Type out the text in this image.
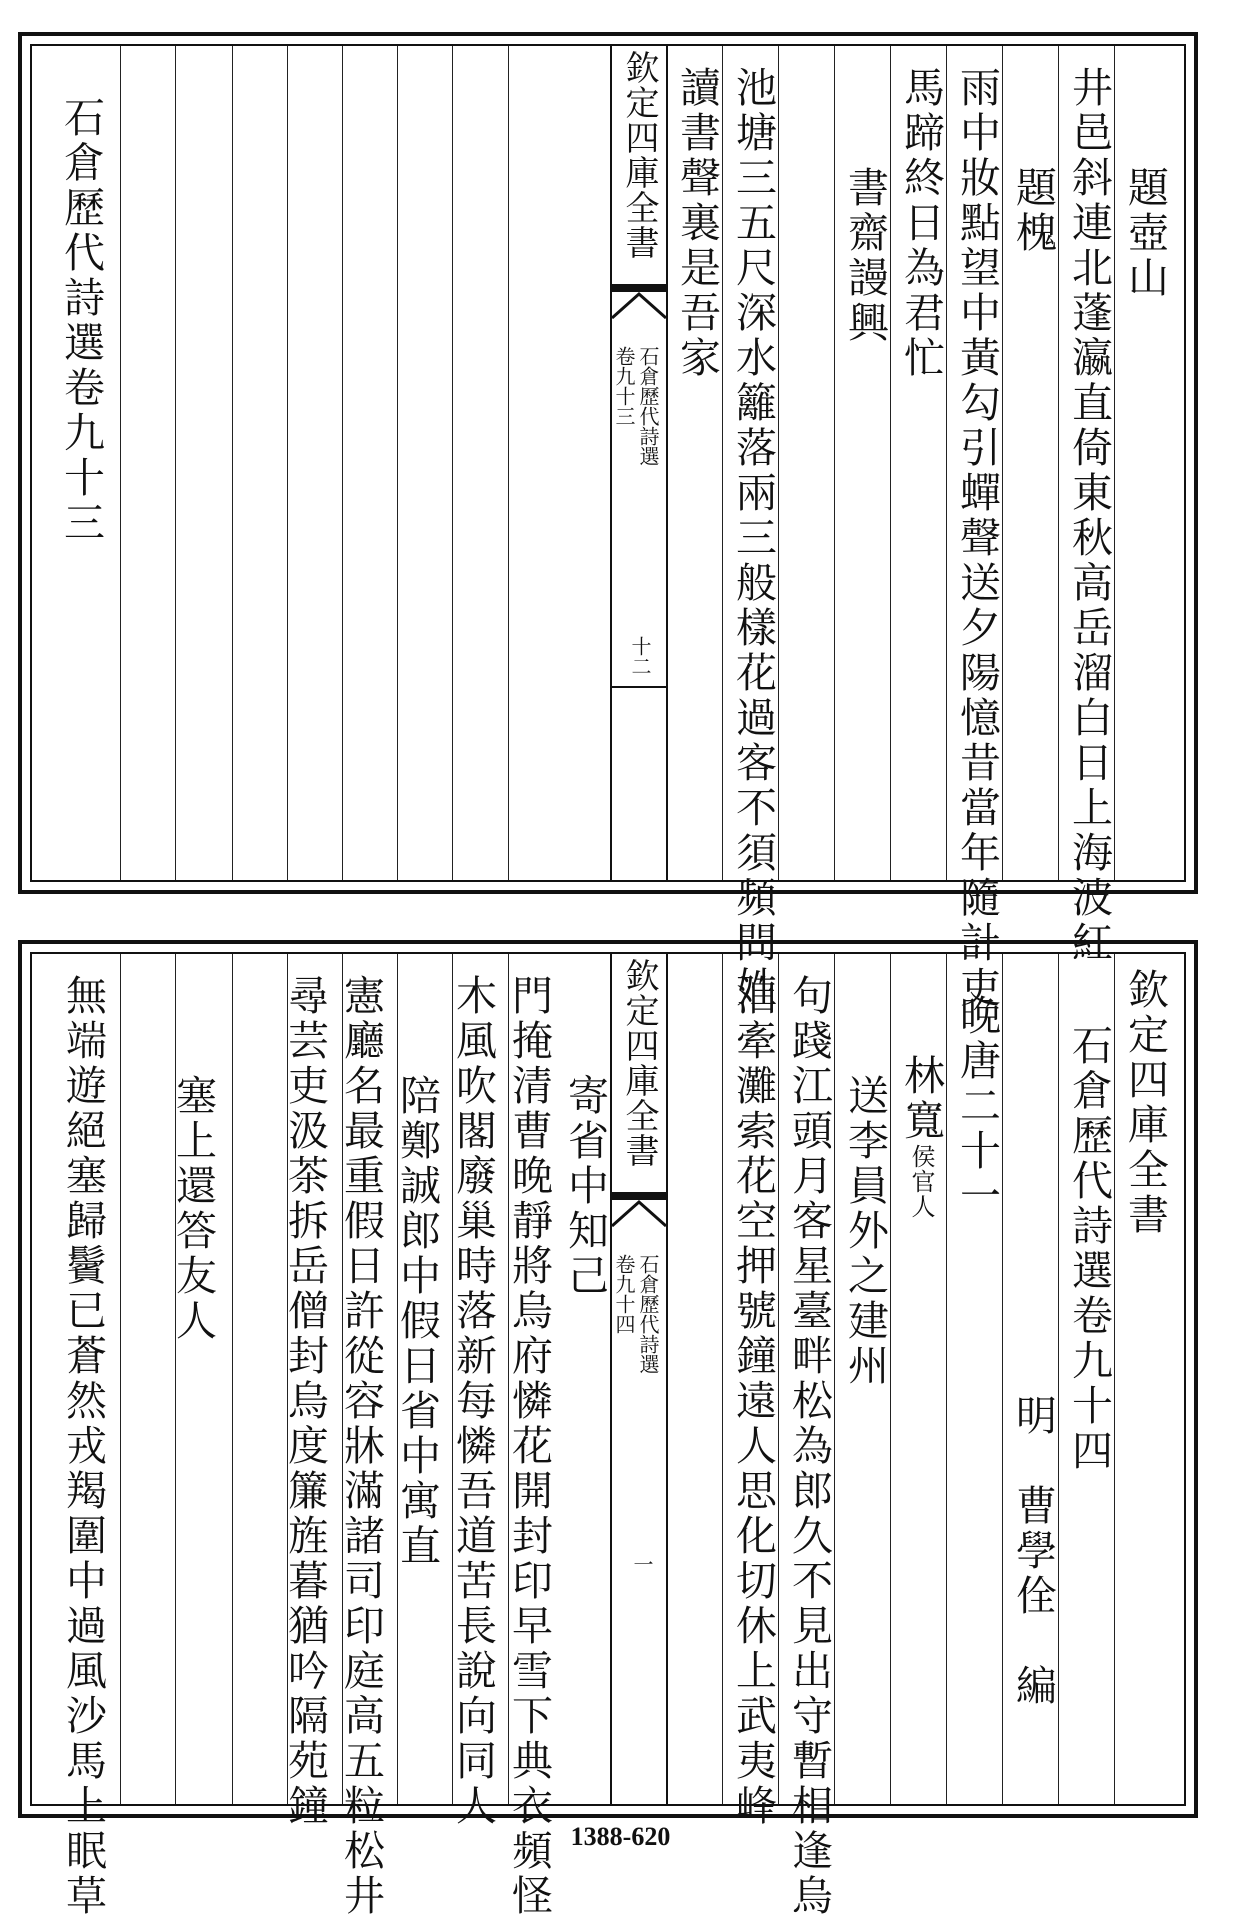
欽定四庫全書
石倉歷代詩選
卷九十三
十二
題壺山
井邑斜連北蓬瀛直倚東秋高岳溜白日上海波紅
題槐
雨中妝點望中黃勾引蟬聲送夕陽憶昔當年隨計吏
馬蹄終日為君忙
書齋謾興
池塘三五尺深水籬落兩三般樣花過客不須頻問姓
讀書聲裏是吾家
石倉歷代詩選卷九十三
欽定四庫全書
石倉歷代詩選
卷九十四
一
欽定四庫全書
石倉歷代詩選卷九十四
明　曹學佺　編
晚唐二十一
林寬侯官人
送李員外之建州
句踐江頭月客星臺畔松為郎久不見出守暫相逢烏
泊牽灘索花空押號鐘遠人思化切休上武夷峰
寄省中知己
門掩清曹晚靜將烏府憐花開封印早雪下典衣頻怪
木風吹閣廢巢時落新每憐吾道苦長說向同人
陪鄭誠郎中假日省中寓直
憲廳名最重假日許從容牀滿諸司印庭高五粒松井
尋芸吏汲茶拆岳僧封烏度簾旌暮猶吟隔苑鐘
塞上還答友人
無端遊絕塞歸鬢已蒼然戎羯圍中過風沙馬上眠草	1388-620
